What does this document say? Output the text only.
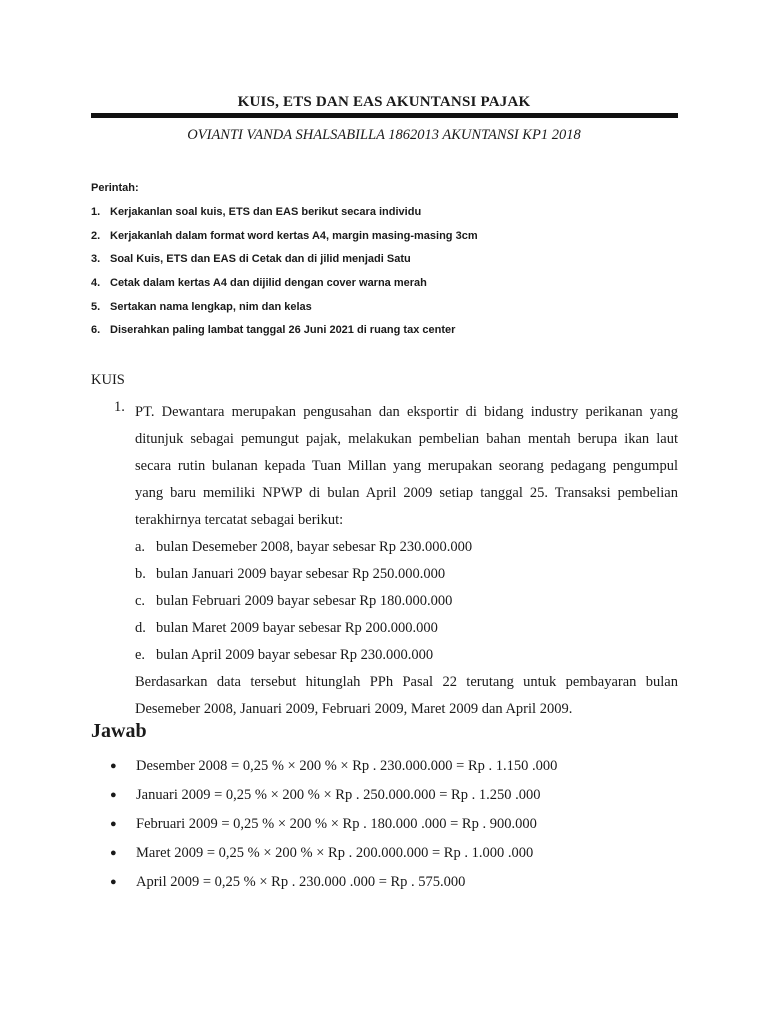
KUIS, ETS DAN EAS AKUNTANSI PAJAK
OVIANTI VANDA SHALSABILLA 1862013 AKUNTANSI KP1 2018
Perintah:
1. Kerjakanlan soal kuis, ETS dan EAS berikut secara individu
2. Kerjakanlah dalam format word kertas A4, margin masing-masing 3cm
3. Soal Kuis, ETS dan EAS di Cetak dan di jilid menjadi Satu
4. Cetak dalam kertas A4 dan dijilid dengan cover warna merah
5. Sertakan nama lengkap, nim dan kelas
6. Diserahkan paling lambat tanggal 26 Juni 2021 di ruang tax center
KUIS
1. PT. Dewantara merupakan pengusahan dan eksportir di bidang industry perikanan yang ditunjuk sebagai pemungut pajak, melakukan pembelian bahan mentah berupa ikan laut secara rutin bulanan kepada Tuan Millan yang merupakan seorang pedagang pengumpul yang baru memiliki NPWP di bulan April 2009 setiap tanggal 25. Transaksi pembelian terakhirnya tercatat sebagai berikut:
a. bulan Desemeber 2008, bayar sebesar Rp 230.000.000
b. bulan Januari 2009 bayar sebesar Rp 250.000.000
c. bulan Februari 2009 bayar sebesar Rp 180.000.000
d. bulan Maret 2009 bayar sebesar Rp 200.000.000
e. bulan April 2009 bayar sebesar Rp 230.000.000
Berdasarkan data tersebut hitunglah PPh Pasal 22 terutang untuk pembayaran bulan Desemeber 2008, Januari 2009, Februari 2009, Maret 2009 dan April 2009.
Jawab
●	Desember 2008 = 0,25 % × 200 % × Rp . 230.000.000 = Rp . 1.150 .000
●	Januari 2009 = 0,25 % × 200 % × Rp . 250.000.000 = Rp . 1.250 .000
●	Februari 2009 = 0,25 % × 200 % × Rp . 180.000 .000 = Rp . 900.000
●	Maret 2009 = 0,25 % × 200 % × Rp . 200.000.000 = Rp . 1.000 .000
●	April 2009 = 0,25 % × Rp . 230.000 .000 = Rp . 575.000
